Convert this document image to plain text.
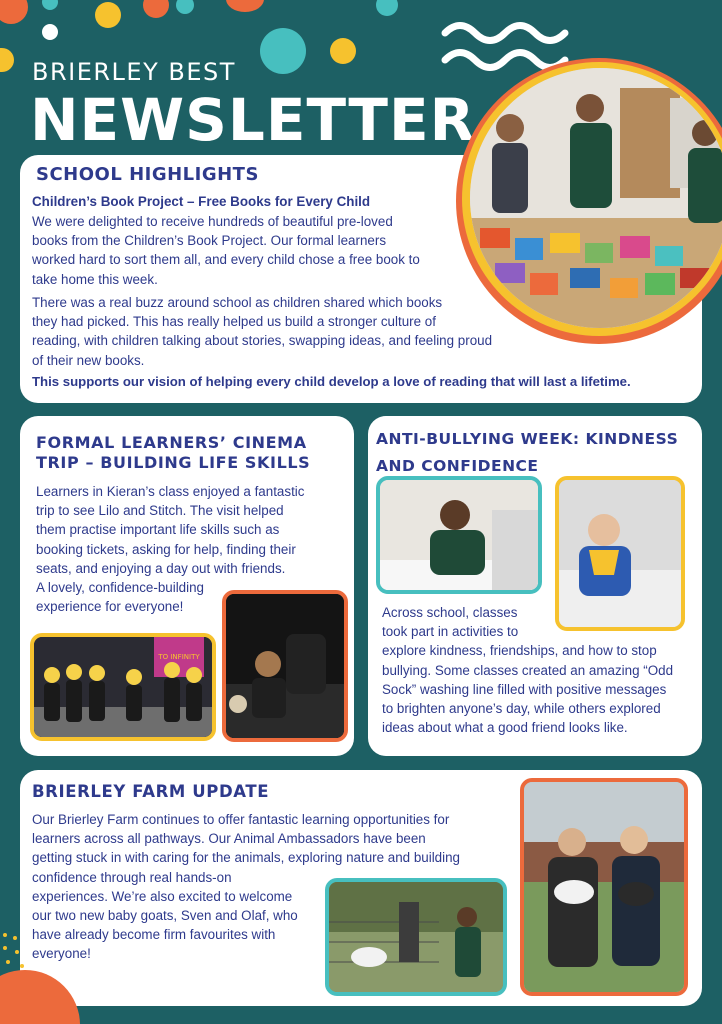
BRIERLEY BEST
NEWSLETTER
SCHOOL HIGHLIGHTS
Children’s Book Project – Free Books for Every Child
We were delighted to receive hundreds of beautiful pre-loved
books from the Children’s Book Project. Our formal learners
worked hard to sort them all, and every child chose a free book to
take home this week.
There was a real buzz around school as children shared which books
they had picked. This has really helped us build a stronger culture of
reading, with children talking about stories, swapping ideas, and feeling proud
of their new books.
This supports our vision of helping every child develop a love of reading that will last a lifetime.
FORMAL LEARNERS’ CINEMA
TRIP – BUILDING LIFE SKILLS
Learners in Kieran’s class enjoyed a fantastic
trip to see Lilo and Stitch. The visit helped
them practise important life skills such as
booking tickets, asking for help, finding their
seats, and enjoying a day out with friends.
A lovely, confidence-building
experience for everyone!
TO INFINITY
ANTI-BULLYING WEEK: KINDNESS
AND CONFIDENCE
Across school, classes
took part in activities to
explore kindness, friendships, and how to stop
bullying. Some classes created an amazing “Odd
Sock” washing line filled with positive messages
to brighten anyone’s day, while others explored
ideas about what a good friend looks like.
BRIERLEY FARM UPDATE
Our Brierley Farm continues to offer fantastic learning opportunities for
learners across all pathways. Our Animal Ambassadors have been
getting stuck in with caring for the animals, exploring nature and building
confidence through real hands-on
experiences. We’re also excited to welcome
our two new baby goats, Sven and Olaf, who
have already become firm favourites with
everyone!
